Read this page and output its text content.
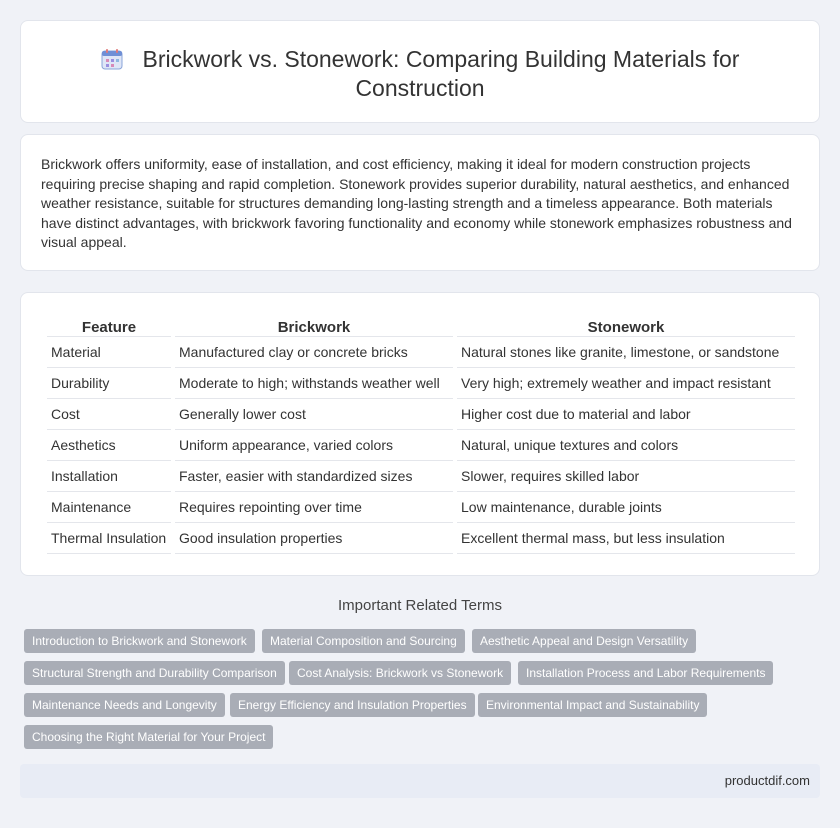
Brickwork vs. Stonework: Comparing Building Materials for Construction

Brickwork offers uniformity, ease of installation, and cost efficiency, making it ideal for modern construction projects requiring precise shaping and rapid completion. Stonework provides superior durability, natural aesthetics, and enhanced weather resistance, suitable for structures demanding long-lasting strength and a timeless appearance. Both materials have distinct advantages, with brickwork favoring functionality and economy while stonework emphasizes robustness and visual appeal.

Feature	Brickwork	Stonework
Material	Manufactured clay or concrete bricks	Natural stones like granite, limestone, or sandstone
Durability	Moderate to high; withstands weather well	Very high; extremely weather and impact resistant
Cost	Generally lower cost	Higher cost due to material and labor
Aesthetics	Uniform appearance, varied colors	Natural, unique textures and colors
Installation	Faster, easier with standardized sizes	Slower, requires skilled labor
Maintenance	Requires repointing over time	Low maintenance, durable joints
Thermal Insulation	Good insulation properties	Excellent thermal mass, but less insulation
Important Related Terms
Introduction to Brickwork and Stonework	Material Composition and Sourcing	Aesthetic Appeal and Design Versatility
Structural Strength and Durability Comparison	Cost Analysis: Brickwork vs Stonework	Installation Process and Labor Requirements
Maintenance Needs and Longevity	Energy Efficiency and Insulation Properties	Environmental Impact and Sustainability
Choosing the Right Material for Your Project
productdif.com
